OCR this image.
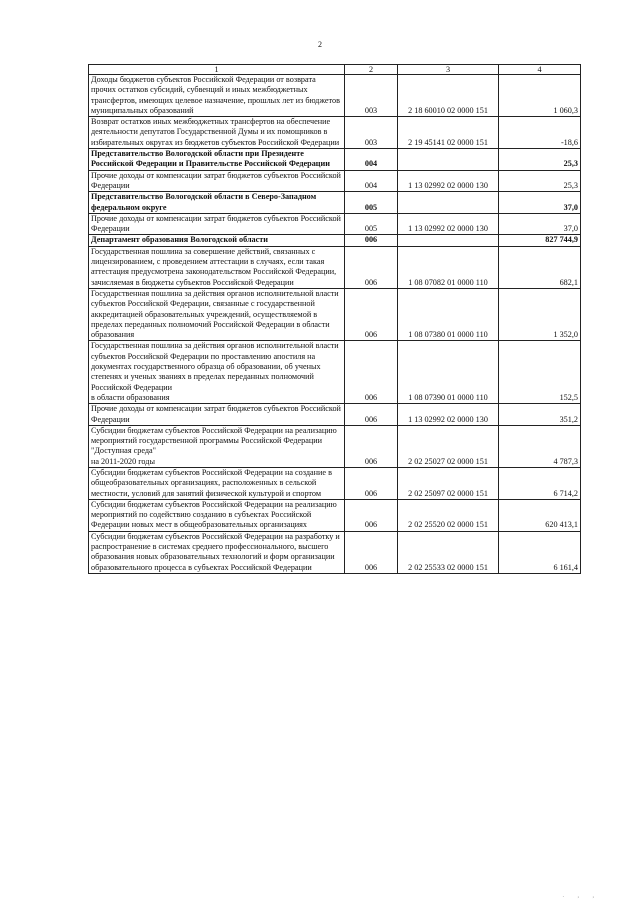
2
1	2	3	4
Доходы бюджетов субъектов Российской Федерации от возврата прочих остатков субсидий, субвенций и иных межбюджетных трансфертов, имеющих целевое назначение, прошлых лет из бюджетов муниципальных образований	003	2 18 60010 02 0000 151	1 060,3
Возврат остатков иных межбюджетных трансфертов на обеспечение деятельности депутатов Государственной Думы и их помощников в избирательных округах из бюджетов субъектов Российской Федерации	003	2 19 45141 02 0000 151	-18,6
Представительство Вологодской области при Президенте Российской Федерации и Правительстве Российской Федерации	004		25,3
Прочие доходы от компенсации затрат бюджетов субъектов Российской Федерации	004	1 13 02992 02 0000 130	25,3
Представительство Вологодской области в Северо-Западном федеральном округе	005		37,0
Прочие доходы от компенсации затрат бюджетов субъектов Российской Федерации	005	1 13 02992 02 0000 130	37,0
Департамент образования Вологодской области	006		827 744,9
Государственная пошлина за совершение действий, связанных с лицензированием, с проведением аттестации в случаях, если такая аттестация предусмотрена законодательством Российской Федерации, зачисляемая в бюджеты субъектов Российской Федерации	006	1 08 07082 01 0000 110	682,1
Государственная пошлина за действия органов исполнительной власти субъектов Российской Федерации, связанные с государственной аккредитацией образовательных учреждений, осуществляемой в пределах переданных полномочий Российской Федерации в области образования	006	1 08 07380 01 0000 110	1 352,0
Государственная пошлина за действия органов исполнительной власти субъектов Российской Федерации по проставлению апостиля на документах государственного образца об образовании, об ученых степенях и ученых званиях в пределах переданных полномочий Российской Федерации
в области образования	006	1 08 07390 01 0000 110	152,5
Прочие доходы от компенсации затрат бюджетов субъектов Российской Федерации	006	1 13 02992 02 0000 130	351,2
Субсидии бюджетам субъектов Российской Федерации на реализацию мероприятий государственной программы Российской Федерации "Доступная среда"
на 2011-2020 годы	006	2 02 25027 02 0000 151	4 787,3
Субсидии бюджетам субъектов Российской Федерации на создание в общеобразовательных организациях, расположенных в сельской местности, условий для занятий физической культурой и спортом	006	2 02 25097 02 0000 151	6 714,2
Субсидии бюджетам субъектов Российской Федерации на реализацию мероприятий по содействию созданию в субъектах Российской Федерации новых мест в общеобразовательных организациях	006	2 02 25520 02 0000 151	620 413,1
Субсидии бюджетам субъектов Российской Федерации на разработку и распространение в системах среднего профессионального, высшего образования новых образовательных технологий и форм организации образовательного процесса в субъектах Российской Федерации	006	2 02 25533 02 0000 151	6 161,4
. , ,
